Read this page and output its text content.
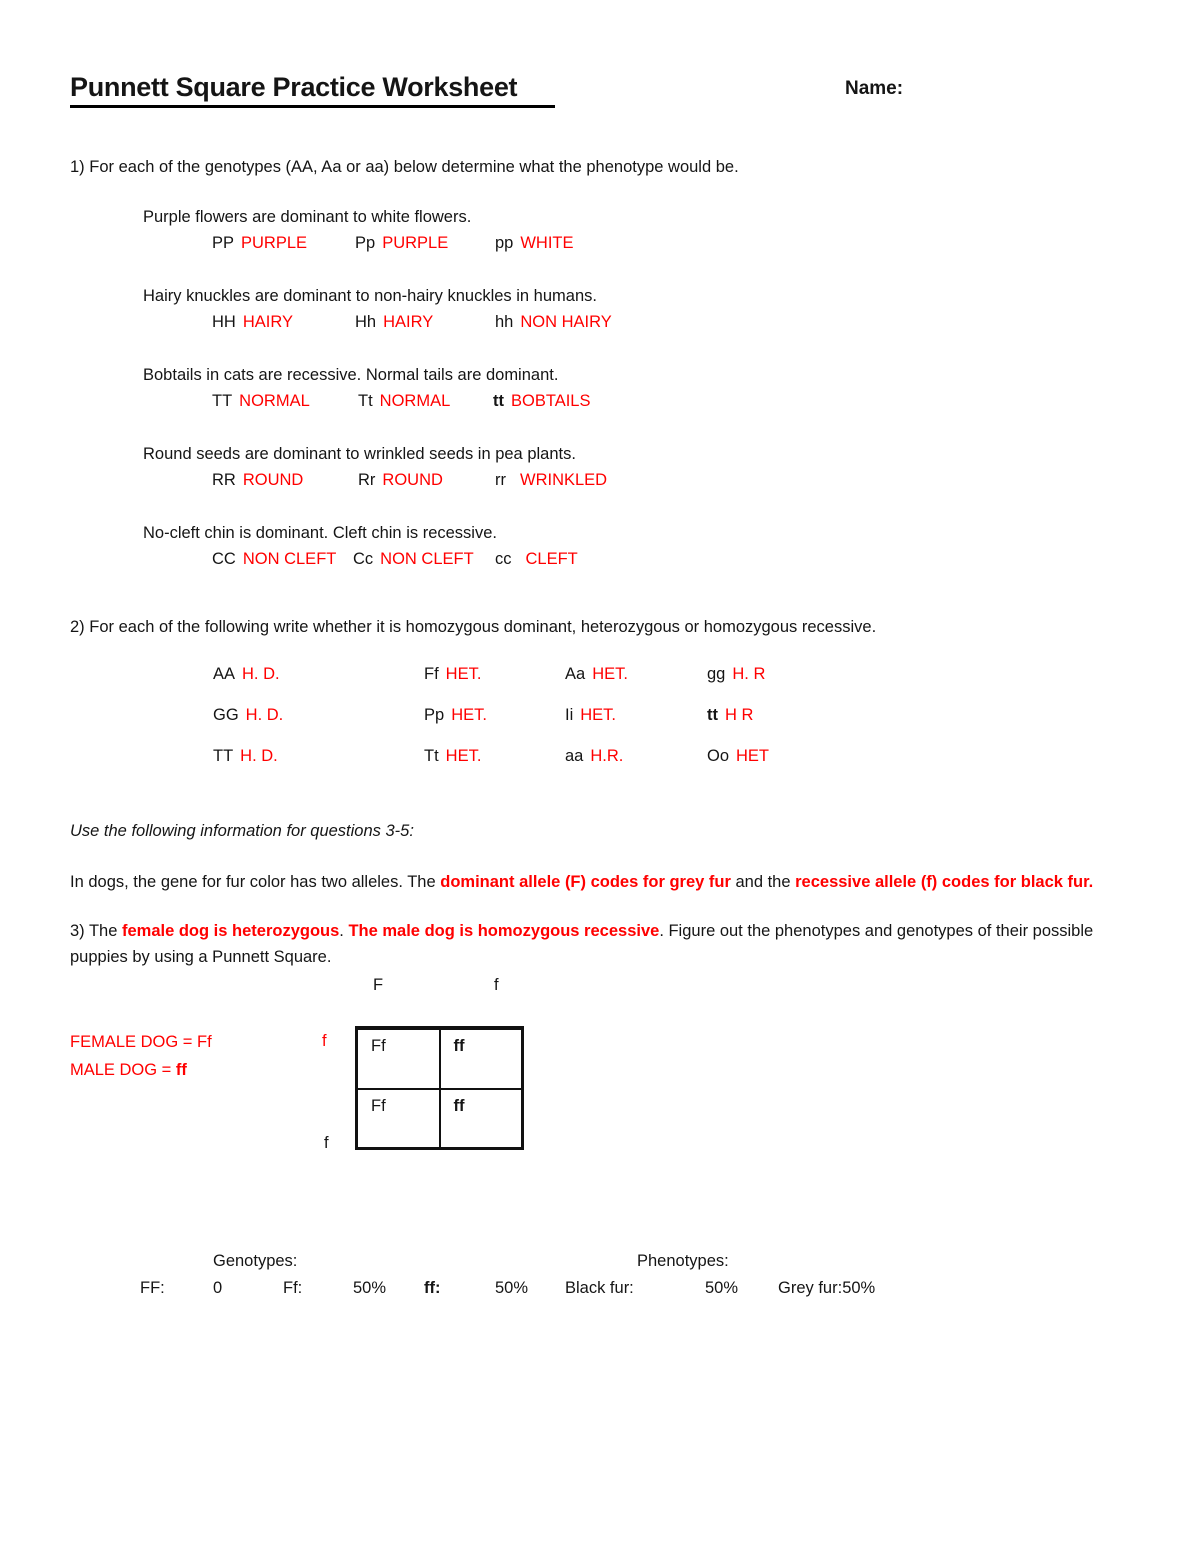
Punnett Square Practice Worksheet	Name:

1) For each of the genotypes (AA, Aa or aa) below determine what the phenotype would be.

Purple flowers are dominant to white flowers.
PP PURPLE	Pp PURPLE	pp WHITE
Hairy knuckles are dominant to non-hairy knuckles in humans.
HH HAIRY	Hh HAIRY	hh NON HAIRY
Bobtails in cats are recessive. Normal tails are dominant.
TT NORMAL	Tt NORMAL	tt BOBTAILS
Round seeds are dominant to wrinkled seeds in pea plants.
RR ROUND	Rr ROUND	rr WRINKLED
No-cleft chin is dominant. Cleft chin is recessive.
CC NON CLEFT Cc NON CLEFT cc CLEFT

2) For each of the following write whether it is homozygous dominant, heterozygous or homozygous recessive.

AA H. D.	Ff HET.	Aa HET.	gg H. R
GG H. D.	Pp HET.	Ii HET.	tt H R
TT H. D.	Tt HET.	aa H.R.	Oo HET

Use the following information for questions 3-5:

In dogs, the gene for fur color has two alleles. The dominant allele (F) codes for grey fur and the recessive allele (f) codes for black fur.

3) The female dog is heterozygous. The male dog is homozygous recessive. Figure out the phenotypes and genotypes of their possible puppies by using a Punnett Square.

F	f
FEMALE DOG = Ff
MALE DOG = ff
f
f
Ff	ff
Ff	ff
Genotypes:	Phenotypes:
FF:	0	Ff:	50% ff:	50% Black fur:	50% Grey fur:50%
